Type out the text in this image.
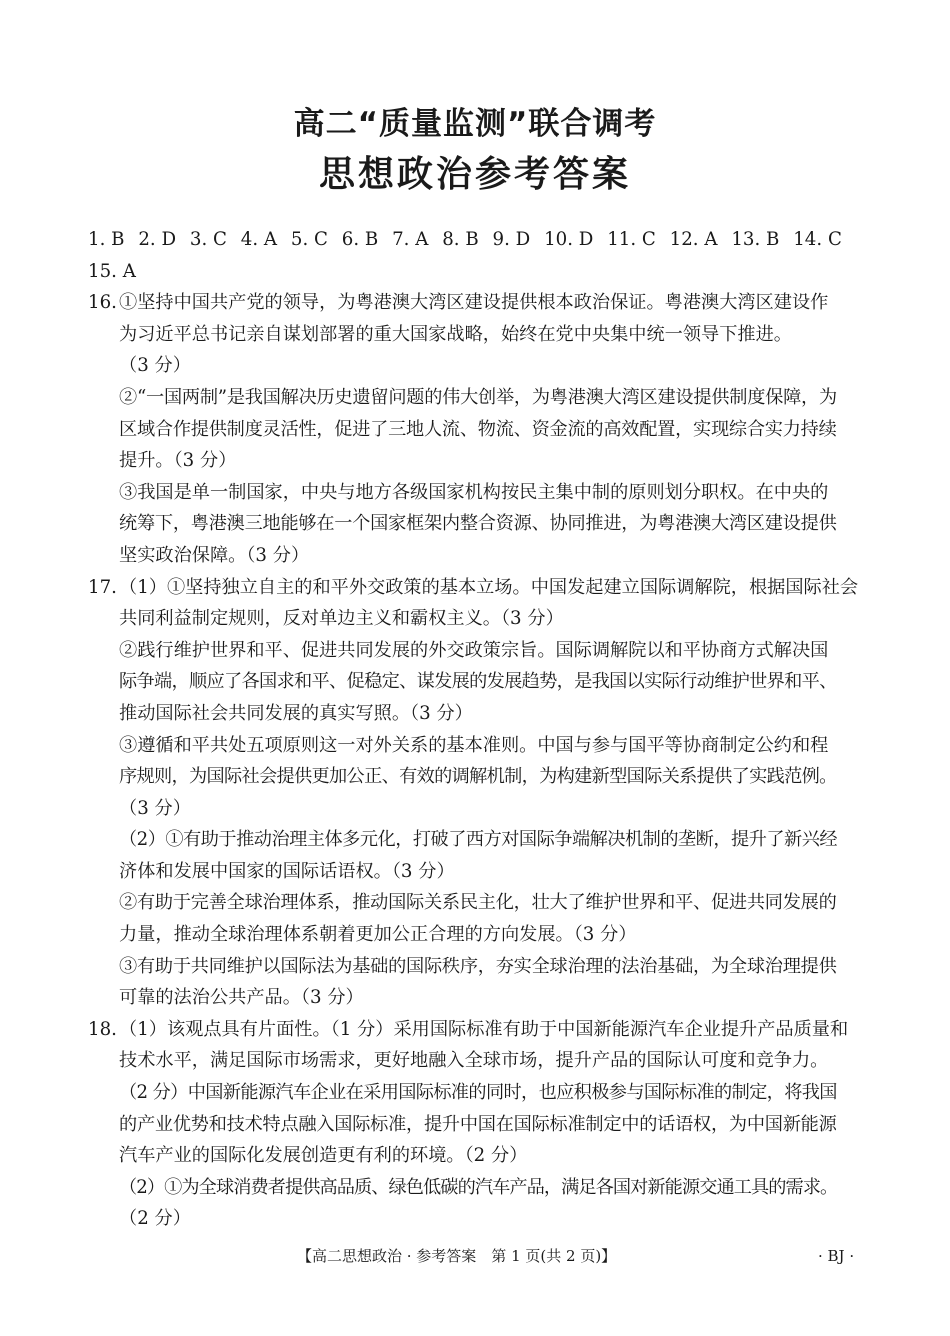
高二“质量监测”联合调考
思想政治参考答案
1. B 2. D 3. C 4. A 5. C 6. B 7. A 8. B 9. D 10. D 11. C 12. A 13. B 14. C
15. A
16. ①坚持中国共产党的领导，为粤港澳大湾区建设提供根本政治保证。粤港澳大湾区建设作
为习近平总书记亲自谋划部署的重大国家战略，始终在党中央集中统一领导下推进。
（3 分）
②“一国两制”是我国解决历史遗留问题的伟大创举，为粤港澳大湾区建设提供制度保障，为
区域合作提供制度灵活性，促进了三地人流、物流、资金流的高效配置，实现综合实力持续
提升。（3 分）
③我国是单一制国家，中央与地方各级国家机构按民主集中制的原则划分职权。在中央的
统筹下，粤港澳三地能够在一个国家框架内整合资源、协同推进，为粤港澳大湾区建设提供
坚实政治保障。（3 分）
17. （1）①坚持独立自主的和平外交政策的基本立场。中国发起建立国际调解院，根据国际社会
共同利益制定规则，反对单边主义和霸权主义。（3 分）
②践行维护世界和平、促进共同发展的外交政策宗旨。国际调解院以和平协商方式解决国
际争端，顺应了各国求和平、促稳定、谋发展的发展趋势，是我国以实际行动维护世界和平、
推动国际社会共同发展的真实写照。（3 分）
③遵循和平共处五项原则这一对外关系的基本准则。中国与参与国平等协商制定公约和程
序规则，为国际社会提供更加公正、有效的调解机制，为构建新型国际关系提供了实践范例。
（3 分）
（2）①有助于推动治理主体多元化，打破了西方对国际争端解决机制的垄断，提升了新兴经
济体和发展中国家的国际话语权。（3 分）
②有助于完善全球治理体系，推动国际关系民主化，壮大了维护世界和平、促进共同发展的
力量，推动全球治理体系朝着更加公正合理的方向发展。（3 分）
③有助于共同维护以国际法为基础的国际秩序，夯实全球治理的法治基础，为全球治理提供
可靠的法治公共产品。（3 分）
18. （1）该观点具有片面性。（1 分）采用国际标准有助于中国新能源汽车企业提升产品质量和
技术水平，满足国际市场需求，更好地融入全球市场，提升产品的国际认可度和竞争力。
（2 分）中国新能源汽车企业在采用国际标准的同时，也应积极参与国际标准的制定，将我国
的产业优势和技术特点融入国际标准，提升中国在国际标准制定中的话语权，为中国新能源
汽车产业的国际化发展创造更有利的环境。（2 分）
（2）①为全球消费者提供高品质、绿色低碳的汽车产品，满足各国对新能源交通工具的需求。
（2 分）
【高二思想政治 · 参考答案　第 1 页(共 2 页)】	· BJ ·
